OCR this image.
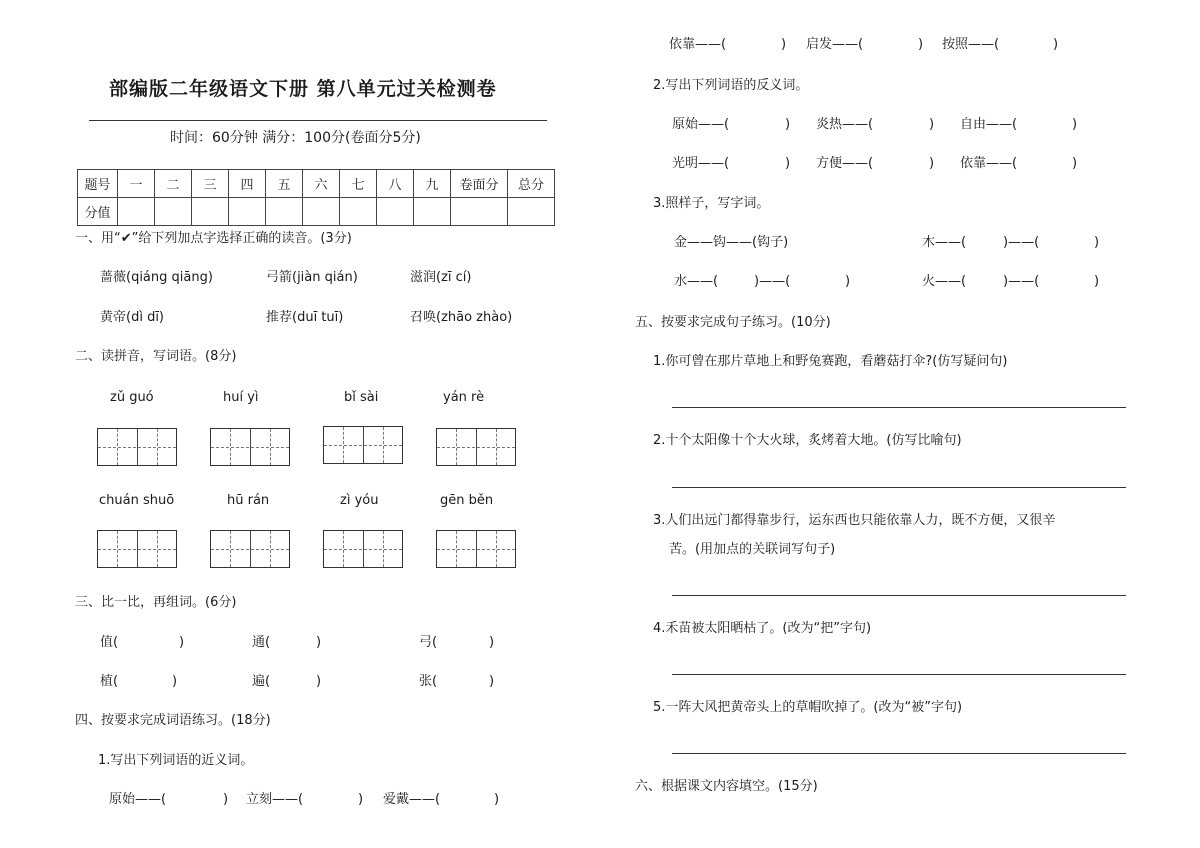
部编版二年级语文下册 第八单元过关检测卷
时间：60分钟 满分：100分(卷面分5分)
题号	一	二	三	四	五	六	七	八	九	卷面分	总分
分值											
一、用“✔”给下列加点字选择正确的读音。(3分)
蔷薇(qiáng qiāng)	弓箭(jiàn qián)	滋润(zī cí)
黄帝(dì dī)	推荐(duī tuī)	召唤(zhāo zhào)
二、读拼音，写词语。(8分)
zǔ guó	huí yì	bǐ sài	yán rè
chuán shuō	hū rán	zì yóu	gēn běn
三、比一比，再组词。(6分)
值(	)	通(	)	弓(	)
植(	)	遍(	)	张(	)
四、按要求完成词语练习。(18分)
1.写出下列词语的近义词。
原始——(	) 立刻——(	) 爱戴——(	)
依靠——(	) 启发——(	) 按照——(	)
2.写出下列词语的反义词。
原始——(	) 炎热——(	) 自由——(	)
光明——(	) 方便——(	) 依靠——(	)
3.照样子，写字词。
金——钩——(钩子)	木——(	)——(	)
水——(	)——(	)	火——(	)——(	)
五、按要求完成句子练习。(10分)
1.你可曾在那片草地上和野兔赛跑，看蘑菇打伞?(仿写疑问句)
2.十个太阳像十个大火球，炙烤着大地。(仿写比喻句)
3.人们出远门都得靠步行，运东西也只能依靠人力，既不方便，又很辛
苦。(用加点的关联词写句子)
4.禾苗被太阳晒枯了。(改为“把”字句)
5.一阵大风把黄帝头上的草帽吹掉了。(改为“被”字句)
六、根据课文内容填空。(15分)
